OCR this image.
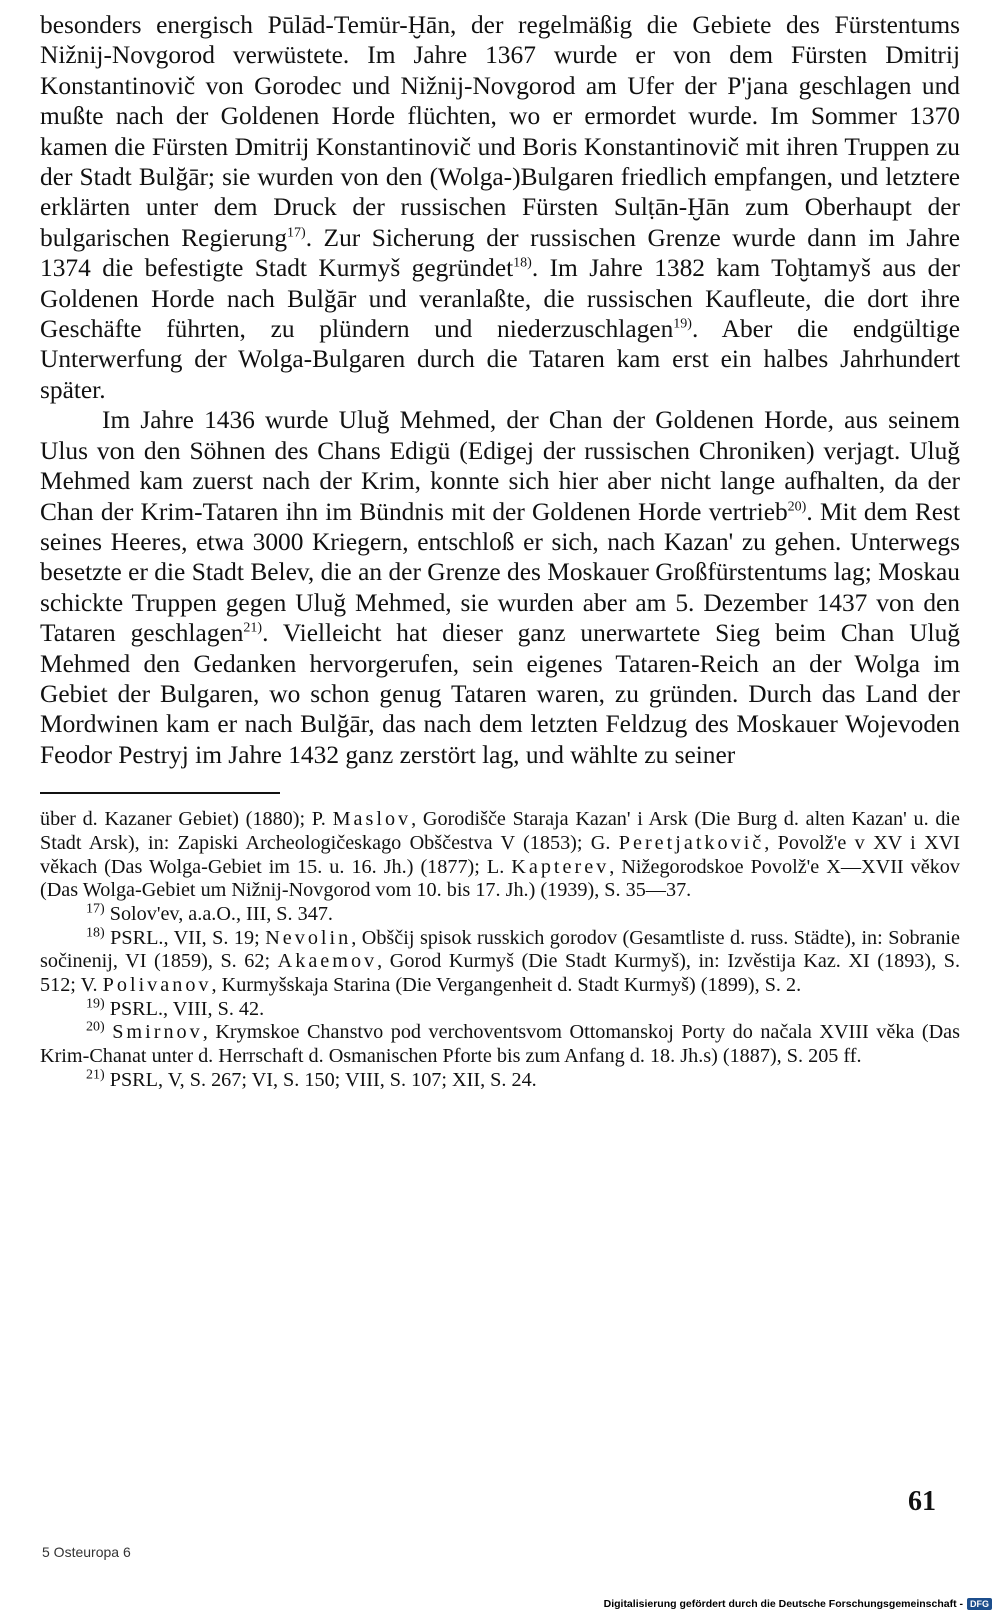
besonders energisch Pūlād-Temür-Ḫān, der regelmäßig die Gebiete des Fürstentums Nižnij-Novgorod verwüstete. Im Jahre 1367 wurde er von dem Fürsten Dmitrij Konstantinovič von Gorodec und Nižnij-Novgorod am Ufer der P'jana geschlagen und mußte nach der Goldenen Horde flüchten, wo er ermordet wurde. Im Sommer 1370 kamen die Fürsten Dmitrij Konstantinovič und Boris Konstantinovič mit ihren Truppen zu der Stadt Bulğār; sie wurden von den (Wolga-)Bulgaren friedlich empfangen, und letztere erklärten unter dem Druck der russischen Fürsten Sulṭān-Ḫān zum Oberhaupt der bulgarischen Regierung$^{17)}$. Zur Sicherung der russischen Grenze wurde dann im Jahre 1374 die befestigte Stadt Kurmyš gegründet$^{18)}$. Im Jahre 1382 kam Toḫtamyš aus der Goldenen Horde nach Bulğār und veranlaßte, die russischen Kaufleute, die dort ihre Geschäfte führten, zu plündern und niederzuschlagen$^{19)}$. Aber die endgültige Unterwerfung der Wolga-Bulgaren durch die Tataren kam erst ein halbes Jahrhundert später.

Im Jahre 1436 wurde Uluğ Mehmed, der Chan der Goldenen Horde, aus seinem Ulus von den Söhnen des Chans Edigü (Edigej der russischen Chroniken) verjagt. Uluğ Mehmed kam zuerst nach der Krim, konnte sich hier aber nicht lange aufhalten, da der Chan der Krim-Tataren ihn im Bündnis mit der Goldenen Horde vertrieb$^{20)}$. Mit dem Rest seines Heeres, etwa 3000 Kriegern, entschloß er sich, nach Kazan' zu gehen. Unterwegs besetzte er die Stadt Belev, die an der Grenze des Moskauer Großfürstentums lag; Moskau schickte Truppen gegen Uluğ Mehmed, sie wurden aber am 5. Dezember 1437 von den Tataren geschlagen$^{21)}$. Vielleicht hat dieser ganz unerwartete Sieg beim Chan Uluğ Mehmed den Gedanken hervorgerufen, sein eigenes Tataren-Reich an der Wolga im Gebiet der Bulgaren, wo schon genug Tataren waren, zu gründen. Durch das Land der Mordwinen kam er nach Bulğār, das nach dem letzten Feldzug des Moskauer Wojevoden Feodor Pestryj im Jahre 1432 ganz zerstört lag, und wählte zu seiner

über d. Kazaner Gebiet) (1880); P. Maslov, Gorodišče Staraja Kazan' i Arsk (Die Burg d. alten Kazan' u. die Stadt Arsk), in: Zapiski Archeologičeskago Obščestva V (1853); G. Peretjatkovič, Povolž'e v XV i XVI věkach (Das Wolga-Gebiet im 15. u. 16. Jh.) (1877); L. Kapterev, Nižegorodskoe Povolž'e X—XVII věkov (Das Wolga-Gebiet um Nižnij-Novgorod vom 10. bis 17. Jh.) (1939), S. 35—37.

$^{17)}$ Solov'ev, a.a.O., III, S. 347.

$^{18)}$ PSRL., VII, S. 19; Nevolin, Obščij spisok russkich gorodov (Gesamtliste d. russ. Städte), in: Sobranie sočinenij, VI (1859), S. 62; Akaemov, Gorod Kurmyš (Die Stadt Kurmyš), in: Izvěstija Kaz. XI (1893), S. 512; V. Polivanov, Kurmyšskaja Starina (Die Vergangenheit d. Stadt Kurmyš) (1899), S. 2.

$^{19)}$ PSRL., VIII, S. 42.

$^{20)}$ Smirnov, Krymskoe Chanstvo pod verchoventsvom Ottomanskoj Porty do načala XVIII věka (Das Krim-Chanat unter d. Herrschaft d. Osmanischen Pforte bis zum Anfang d. 18. Jh.s) (1887), S. 205 ff.

$^{21)}$ PSRL, V, S. 267; VI, S. 150; VIII, S. 107; XII, S. 24.

61
5 Osteuropa 6
Digitalisierung gefördert durch die Deutsche Forschungsgemeinschaft - DFG
